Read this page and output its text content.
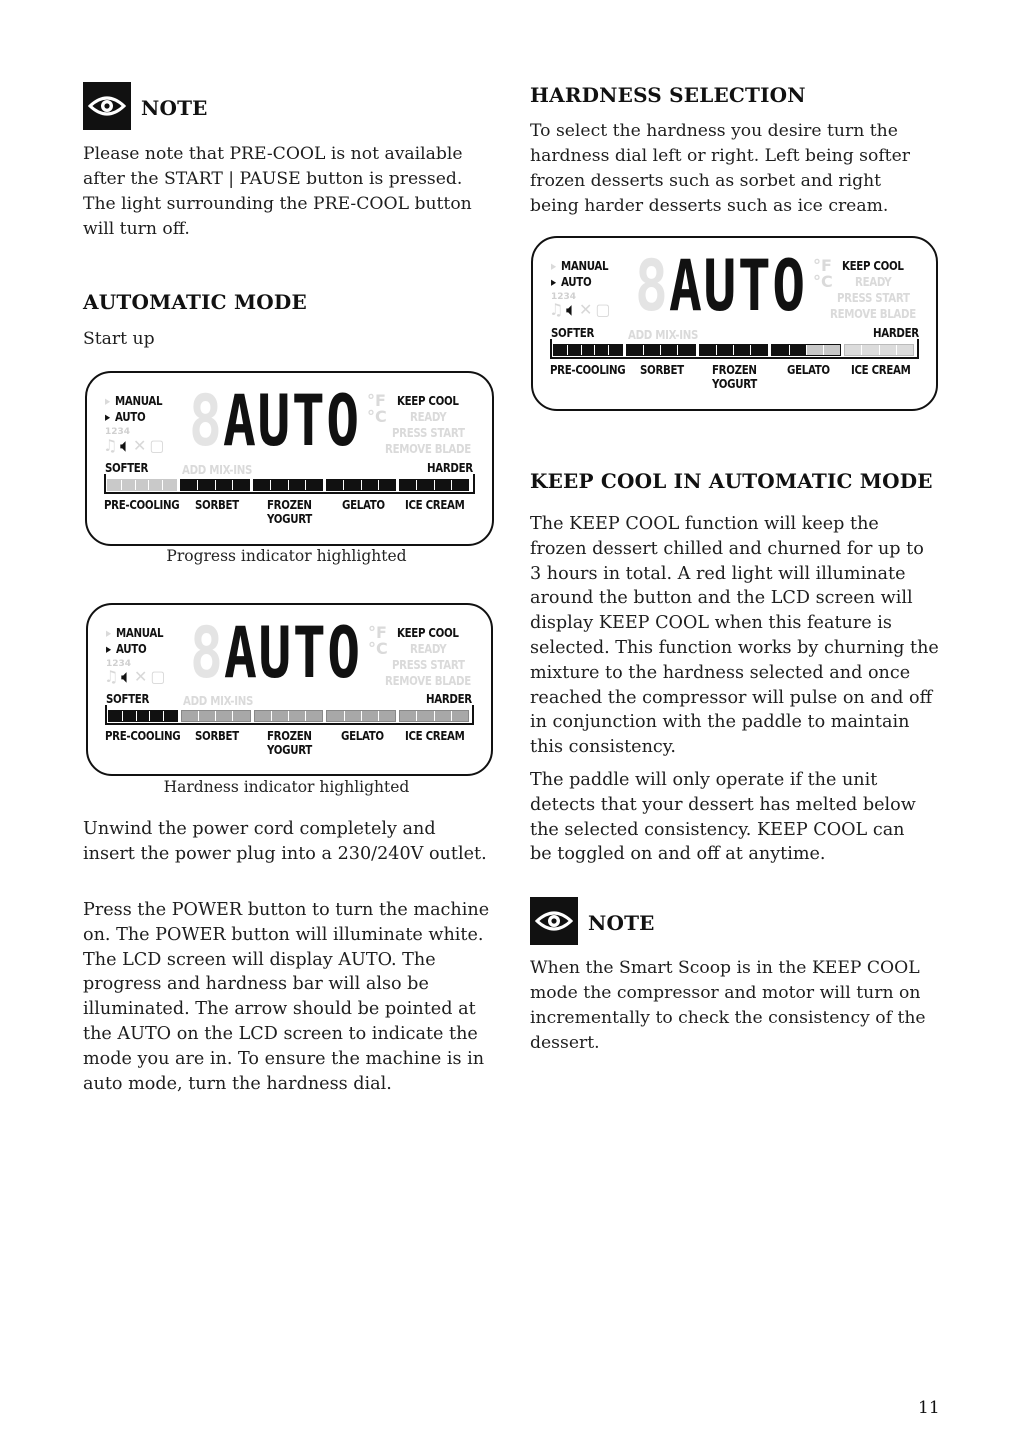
NOTE

Please note that PRE-COOL is not available after the START | PAUSE button is pressed. The light surrounding the PRE-COOL button will turn off.

AUTOMATIC MODE
Start up
▸ MANUAL
▸ AUTO
1234
♫ 🔈︎ ✕ ▢ 8 AUTO °F
°C
KEEP COOL
READY
PRESS START
REMOVE BLADE
SOFTER	ADD MIX-INS	HARDER
PRE-COOLING SORBET FROZEN
YOGURT
GELATO ICE CREAM
Progress indicator highlighted
▸ MANUAL
▸ AUTO
1234
♫ 🔈︎ ✕ ▢ 8 AUTO °F
°C
KEEP COOL
READY
PRESS START
REMOVE BLADE
SOFTER	ADD MIX-INS	HARDER
PRE-COOLING SORBET FROZEN
YOGURT
GELATO ICE CREAM
Hardness indicator highlighted

Unwind the power cord completely and insert the power plug into a 230/240V outlet.

Press the POWER button to turn the machine on. The POWER button will illuminate white. The LCD screen will display AUTO. The progress and hardness bar will also be illuminated. The arrow should be pointed at the AUTO on the LCD screen to indicate the mode you are in. To ensure the machine is in auto mode, turn the hardness dial.

HARDNESS SELECTION

To select the hardness you desire turn the hardness dial left or right. Left being softer frozen desserts such as sorbet and right being harder desserts such as ice cream.

▸ MANUAL
▸ AUTO
1234
♫ 🔈︎ ✕ ▢ 8 AUTO °F
°C
KEEP COOL
READY
PRESS START
REMOVE BLADE
SOFTER	ADD MIX-INS	HARDER
PRE-COOLING SORBET FROZEN
YOGURT
GELATO ICE CREAM
KEEP COOL IN AUTOMATIC MODE

The KEEP COOL function will keep the frozen dessert chilled and churned for up to 3 hours in total. A red light will illuminate around the button and the LCD screen will display KEEP COOL when this feature is selected. This function works by churning the mixture to the hardness selected and once reached the compressor will pulse on and off in conjunction with the paddle to maintain this consistency.

The paddle will only operate if the unit detects that your dessert has melted below the selected consistency. KEEP COOL can be toggled on and off at anytime.

NOTE

When the Smart Scoop is in the KEEP COOL mode the compressor and motor will turn on incrementally to check the consistency of the dessert.

11
